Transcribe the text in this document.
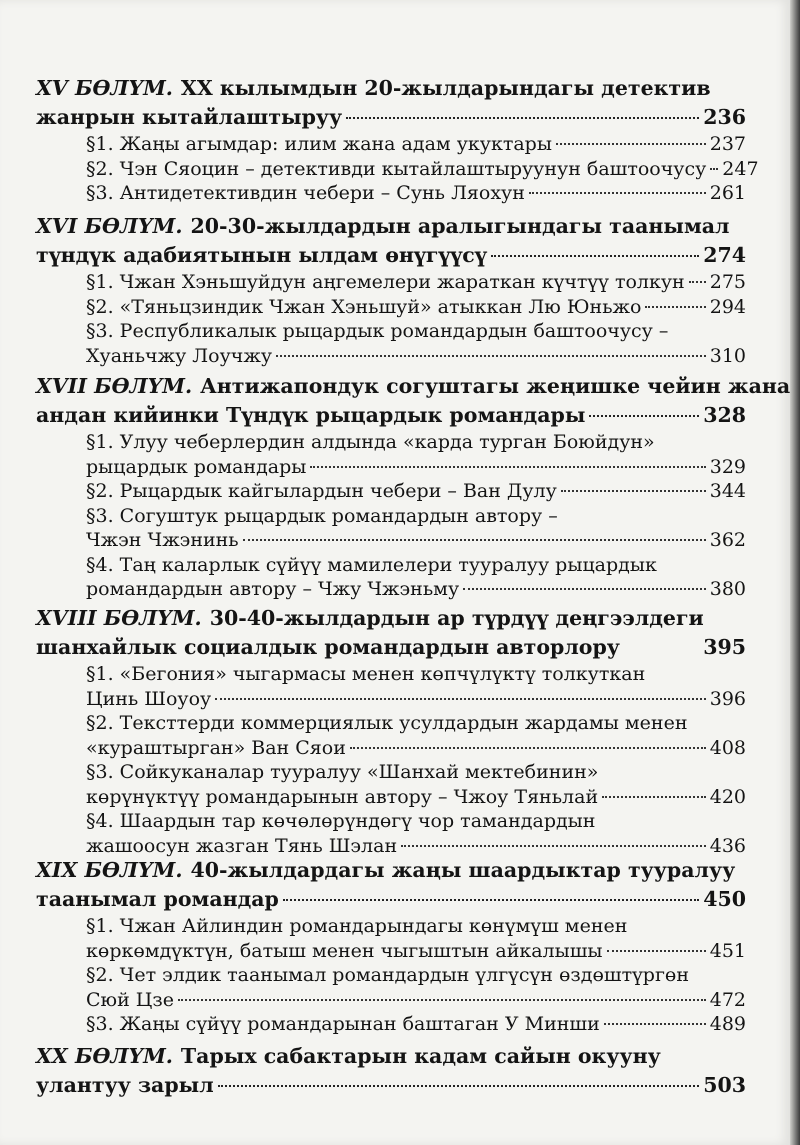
XV БӨЛҮМ. ХХ кылымдын 20-жылдарындагы детектив
жанрын кытайлаштыруу	236
§1. Жаңы агымдар: илим жана адам укуктары	237
§2. Чэн Сяоцин – детективди кытайлаштыруунун баштоочусу 247
§3. Антидетективдин чебери – Сунь Ляохун	261
XVI БӨЛҮМ. 20-30-жылдардын аралыгындагы таанымал
түндүк адабиятынын ылдам өнүгүүсү	274
§1. Чжан Хэньшуйдун аңгемелери жараткан күчтүү толкун 275
§2. «Тяньцзиндик Чжан Хэньшуй» атыккан Лю Юньжо	294
§3. Республикалык рыцардык романдардын баштоочусу –
Хуаньчжу Лоучжу	310
XVII БӨЛҮМ. Антижапондук согуштагы жеңишке чейин жана
андан кийинки Түндүк рыцардык романдары	328
§1. Улуу чеберлердин алдында «карда турган Боюйдун»
рыцардык романдары	329
§2. Рыцардык кайгылардын чебери – Ван Дулу	344
§3. Согуштук рыцардык романдардын автору –
Чжэн Чжэнинь	362
§4. Таң каларлык сүйүү мамилелери тууралуу рыцардык
романдардын автору – Чжу Чжэньму	380
XVIII БӨЛҮМ. 30-40-жылдардын ар түрдүү деңгээлдеги
шанхайлык социалдык романдардын авторлору	395
§1. «Бегония» чыгармасы менен көпчүлүктү толкуткан
Цинь Шоуоу	396
§2. Тексттерди коммерциялык усулдардын жардамы менен
«кураштырган» Ван Сяои	408
§3. Сойкуканалар тууралуу «Шанхай мектебинин»
көрүнүктүү романдарынын автору – Чжоу Тяньлай	420
§4. Шаардын тар көчөлөрүндөгү чор тамандардын
жашоосун жазган Тянь Шэлан	436
XIX БӨЛҮМ. 40-жылдардагы жаңы шаардыктар тууралуу
таанымал романдар	450
§1. Чжан Айлиндин романдарындагы көнүмүш менен
көркөмдүктүн, батыш менен чыгыштын айкалышы	451
§2. Чет элдик таанымал романдардын үлгүсүн өздөштүргөн
Сюй Цзе	472
§3. Жаңы сүйүү романдарынан баштаган У Минши	489
XX БӨЛҮМ. Тарых сабактарын кадам сайын окууну
улантуу зарыл	503
